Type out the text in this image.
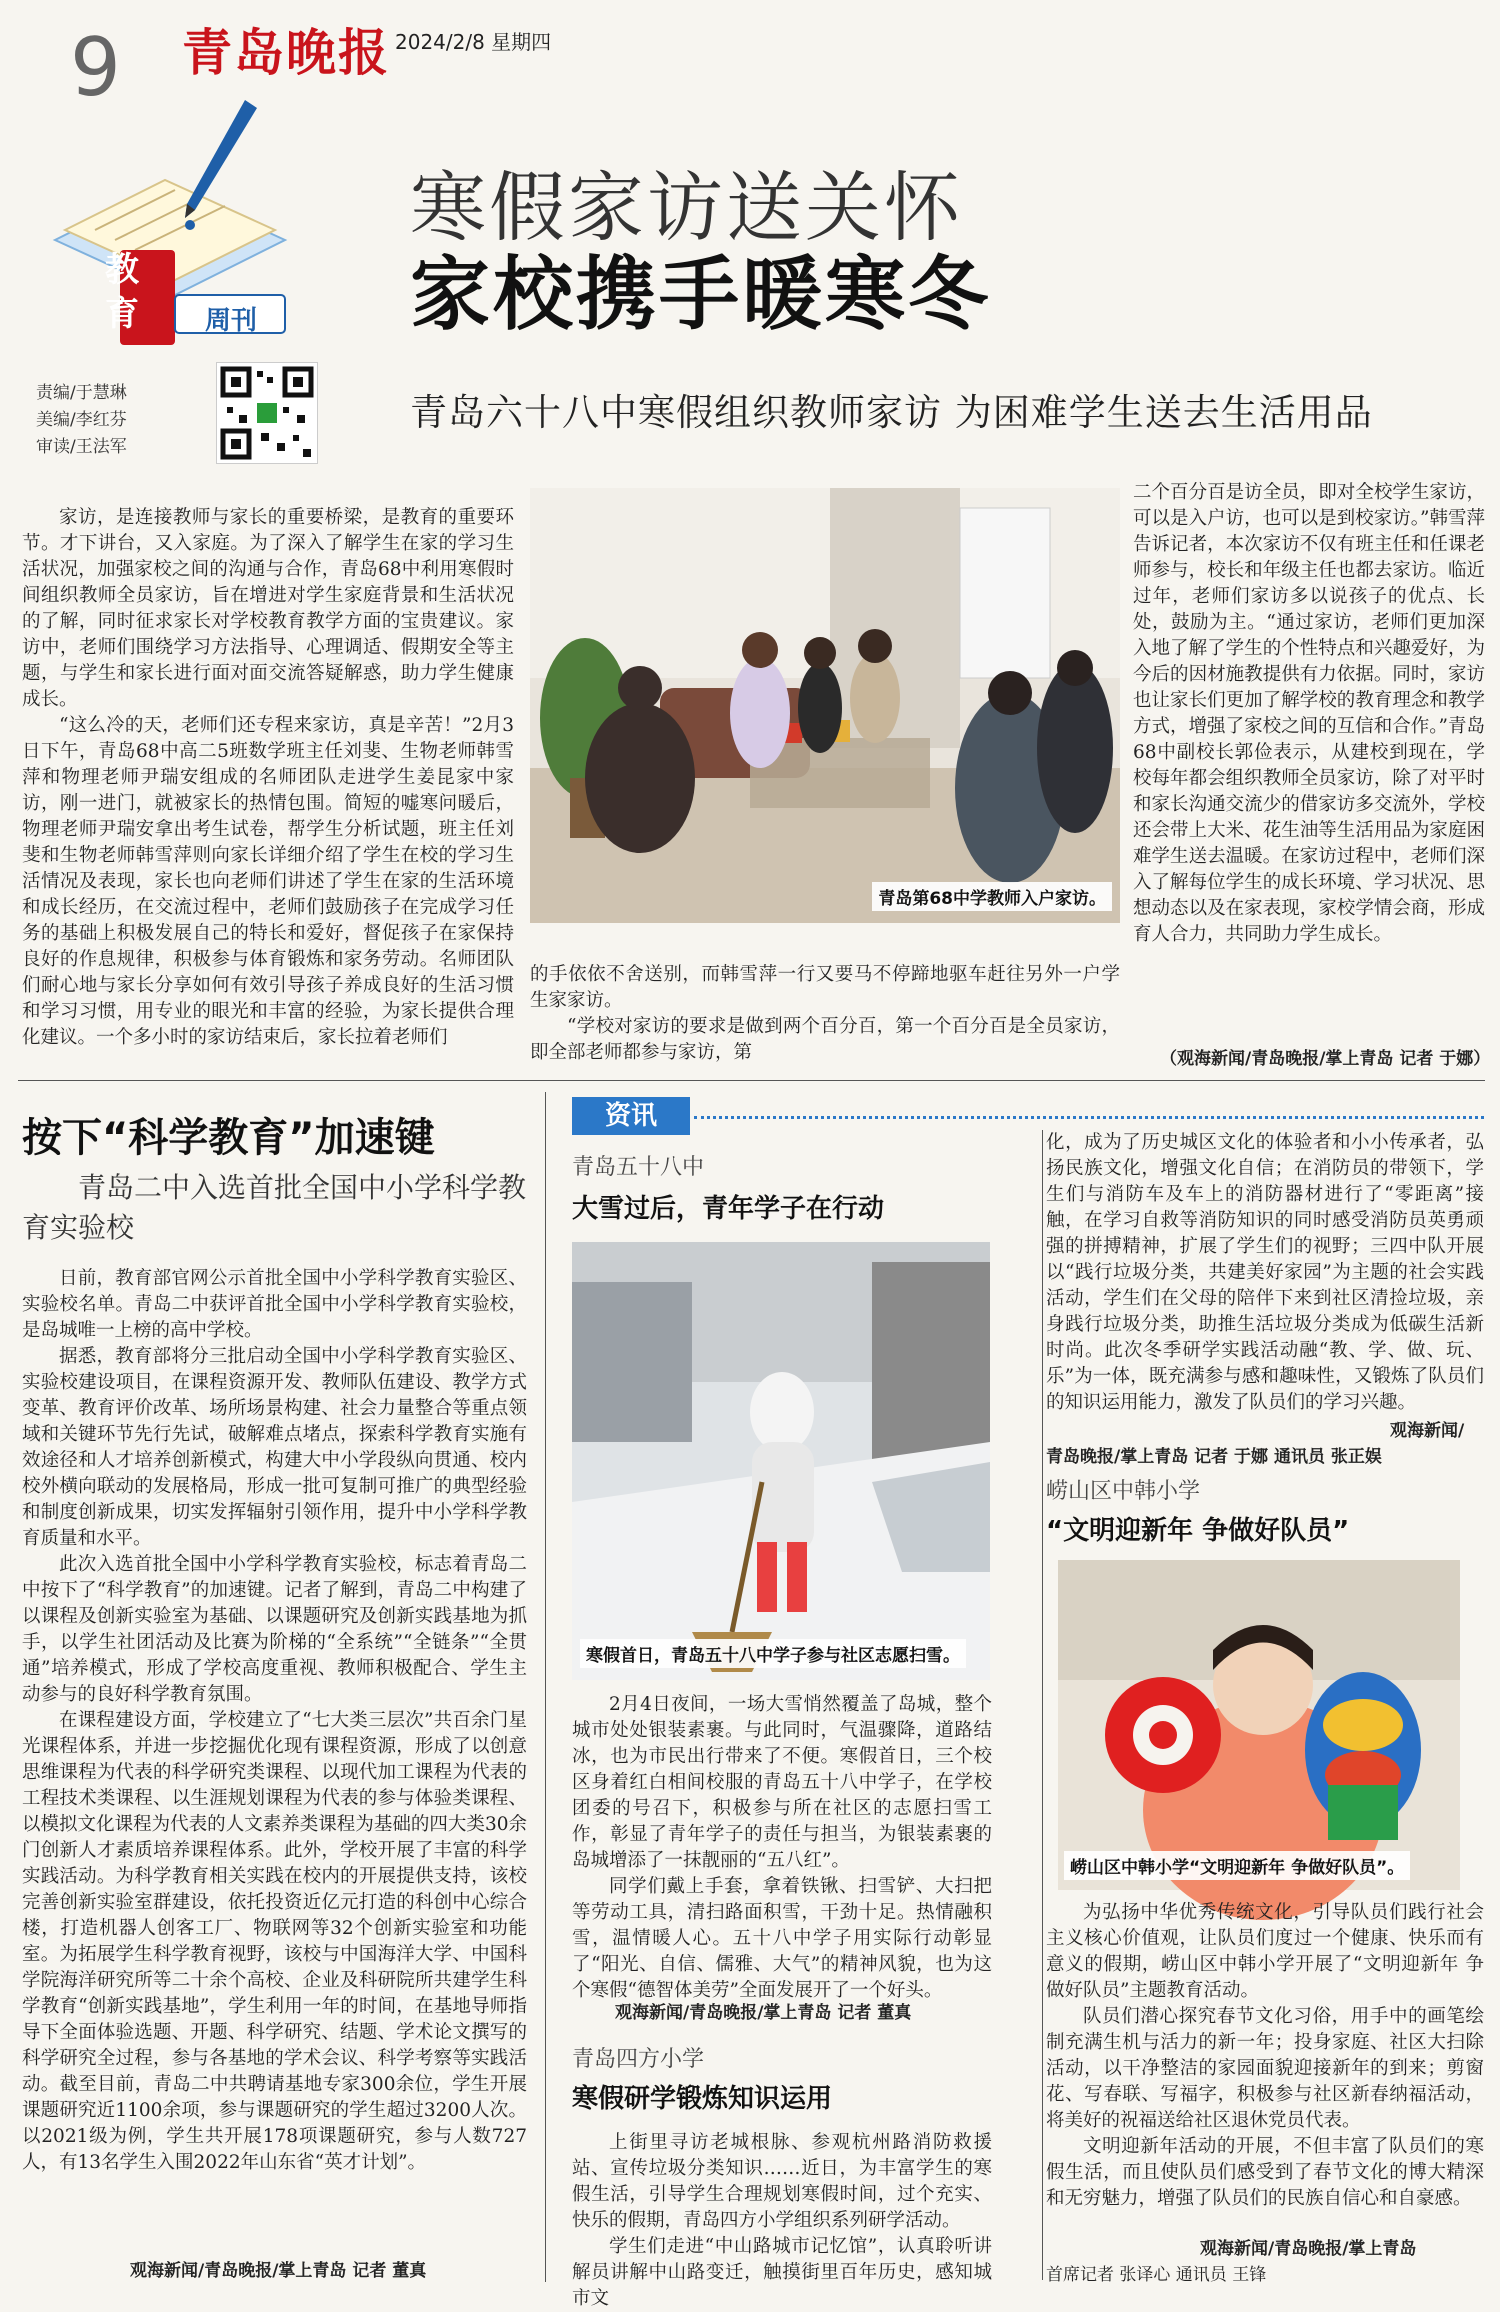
9 青岛晚报 2024/2/8 星期四
教
育	周刊
责编/于慧琳
美编/李红芬
审读/王法军
寒假家访送关怀
家校携手暖寒冬
青岛六十八中寒假组织教师家访 为困难学生送去生活用品

家访，是连接教师与家长的重要桥梁，是教育的重要环节。才下讲台，又入家庭。为了深入了解学生在家的学习生活状况，加强家校之间的沟通与合作，青岛68中利用寒假时间组织教师全员家访，旨在增进对学生家庭背景和生活状况的了解，同时征求家长对学校教育教学方面的宝贵建议。家访中，老师们围绕学习方法指导、心理调适、假期安全等主题，与学生和家长进行面对面交流答疑解惑，助力学生健康成长。

“这么冷的天，老师们还专程来家访，真是辛苦！”2月3日下午，青岛68中高二5班数学班主任刘斐、生物老师韩雪萍和物理老师尹瑞安组成的名师团队走进学生姜昆家中家访，刚一进门，就被家长的热情包围。简短的嘘寒问暖后，物理老师尹瑞安拿出考生试卷，帮学生分析试题，班主任刘斐和生物老师韩雪萍则向家长详细介绍了学生在校的学习生活情况及表现，家长也向老师们讲述了学生在家的生活环境和成长经历，在交流过程中，老师们鼓励孩子在完成学习任务的基础上积极发展自己的特长和爱好，督促孩子在家保持良好的作息规律，积极参与体育锻炼和家务劳动。名师团队们耐心地与家长分享如何有效引导孩子养成良好的生活习惯和学习习惯，用专业的眼光和丰富的经验，为家长提供合理化建议。一个多小时的家访结束后，家长拉着老师们

青岛第68中学教师入户家访。

的手依依不舍送别，而韩雪萍一行又要马不停蹄地驱车赶往另外一户学生家家访。

“学校对家访的要求是做到两个百分百，第一个百分百是全员家访，即全部老师都参与家访，第

二个百分百是访全员，即对全校学生家访，可以是入户访，也可以是到校家访。”韩雪萍告诉记者，本次家访不仅有班主任和任课老师参与，校长和年级主任也都去家访。临近过年，老师们家访多以说孩子的优点、长处，鼓励为主。“通过家访，老师们更加深入地了解了学生的个性特点和兴趣爱好，为今后的因材施教提供有力依据。同时，家访也让家长们更加了解学校的教育理念和教学方式，增强了家校之间的互信和合作。”青岛68中副校长郭俭表示，从建校到现在，学校每年都会组织教师全员家访，除了对平时和家长沟通交流少的借家访多交流外，学校还会带上大米、花生油等生活用品为家庭困难学生送去温暖。在家访过程中，老师们深入了解每位学生的成长环境、学习状况、思想动态以及在家表现，家校学情会商，形成育人合力，共同助力学生成长。

（观海新闻/青岛晚报/掌上青岛 记者 于娜）
按下“科学教育”加速键
青岛二中入选首批全国中小学科学教育实验校

日前，教育部官网公示首批全国中小学科学教育实验区、实验校名单。青岛二中获评首批全国中小学科学教育实验校，是岛城唯一上榜的高中学校。

据悉，教育部将分三批启动全国中小学科学教育实验区、实验校建设项目，在课程资源开发、教师队伍建设、教学方式变革、教育评价改革、场所场景构建、社会力量整合等重点领域和关键环节先行先试，破解难点堵点，探索科学教育实施有效途径和人才培养创新模式，构建大中小学段纵向贯通、校内校外横向联动的发展格局，形成一批可复制可推广的典型经验和制度创新成果，切实发挥辐射引领作用，提升中小学科学教育质量和水平。

此次入选首批全国中小学科学教育实验校，标志着青岛二中按下了“科学教育”的加速键。记者了解到，青岛二中构建了以课程及创新实验室为基础、以课题研究及创新实践基地为抓手，以学生社团活动及比赛为阶梯的“全系统”“全链条”“全贯通”培养模式，形成了学校高度重视、教师积极配合、学生主动参与的良好科学教育氛围。

在课程建设方面，学校建立了“七大类三层次”共百余门星光课程体系，并进一步挖掘优化现有课程资源，形成了以创意思维课程为代表的科学研究类课程、以现代加工课程为代表的工程技术类课程、以生涯规划课程为代表的参与体验类课程、以模拟文化课程为代表的人文素养类课程为基础的四大类30余门创新人才素质培养课程体系。此外，学校开展了丰富的科学实践活动。为科学教育相关实践在校内的开展提供支持，该校完善创新实验室群建设，依托投资近亿元打造的科创中心综合楼，打造机器人创客工厂、物联网等32个创新实验室和功能室。为拓展学生科学教育视野，该校与中国海洋大学、中国科学院海洋研究所等二十余个高校、企业及科研院所共建学生科学教育“创新实践基地”，学生利用一年的时间，在基地导师指导下全面体验选题、开题、科学研究、结题、学术论文撰写的科学研究全过程，参与各基地的学术会议、科学考察等实践活动。截至目前，青岛二中共聘请基地专家300余位，学生开展课题研究近1100余项，参与课题研究的学生超过3200人次。以2021级为例，学生共开展178项课题研究，参与人数727人，有13名学生入围2022年山东省“英才计划”。

观海新闻/青岛晚报/掌上青岛 记者 董真
资讯
青岛五十八中
大雪过后，青年学子在行动
寒假首日，青岛五十八中学子参与社区志愿扫雪。

2月4日夜间，一场大雪悄然覆盖了岛城，整个城市处处银装素裹。与此同时，气温骤降，道路结冰，也为市民出行带来了不便。寒假首日，三个校区身着红白相间校服的青岛五十八中学子，在学校团委的号召下，积极参与所在社区的志愿扫雪工作，彰显了青年学子的责任与担当，为银装素裹的岛城增添了一抹靓丽的“五八红”。

同学们戴上手套，拿着铁锹、扫雪铲、大扫把等劳动工具，清扫路面积雪，干劲十足。热情融积雪，温情暖人心。五十八中学子用实际行动彰显了“阳光、自信、儒雅、大气”的精神风貌，也为这个寒假“德智体美劳”全面发展开了一个好头。

观海新闻/青岛晚报/掌上青岛 记者 董真
青岛四方小学
寒假研学锻炼知识运用

上街里寻访老城根脉、参观杭州路消防救援站、宣传垃圾分类知识……近日，为丰富学生的寒假生活，引导学生合理规划寒假时间，过个充实、快乐的假期，青岛四方小学组织系列研学活动。

学生们走进“中山路城市记忆馆”，认真聆听讲解员讲解中山路变迁，触摸街里百年历史，感知城市文

化，成为了历史城区文化的体验者和小小传承者，弘扬民族文化，增强文化自信；在消防员的带领下，学生们与消防车及车上的消防器材进行了“零距离”接触，在学习自救等消防知识的同时感受消防员英勇顽强的拼搏精神，扩展了学生们的视野；三四中队开展以“践行垃圾分类，共建美好家园”为主题的社会实践活动，学生们在父母的陪伴下来到社区清捡垃圾，亲身践行垃圾分类，助推生活垃圾分类成为低碳生活新时尚。此次冬季研学实践活动融“教、学、做、玩、乐”为一体，既充满参与感和趣味性，又锻炼了队员们的知识运用能力，激发了队员们的学习兴趣。

观海新闻/
青岛晚报/掌上青岛 记者 于娜 通讯员 张正娱
崂山区中韩小学
“文明迎新年 争做好队员”
崂山区中韩小学“文明迎新年 争做好队员”。

为弘扬中华优秀传统文化，引导队员们践行社会主义核心价值观，让队员们度过一个健康、快乐而有意义的假期，崂山区中韩小学开展了“文明迎新年 争做好队员”主题教育活动。

队员们潜心探究春节文化习俗，用手中的画笔绘制充满生机与活力的新一年；投身家庭、社区大扫除活动，以干净整洁的家园面貌迎接新年的到来；剪窗花、写春联、写福字，积极参与社区新春纳福活动，将美好的祝福送给社区退休党员代表。

文明迎新年活动的开展，不但丰富了队员们的寒假生活，而且使队员们感受到了春节文化的博大精深和无穷魅力，增强了队员们的民族自信心和自豪感。

观海新闻/青岛晚报/掌上青岛
首席记者 张译心 通讯员 王锋
